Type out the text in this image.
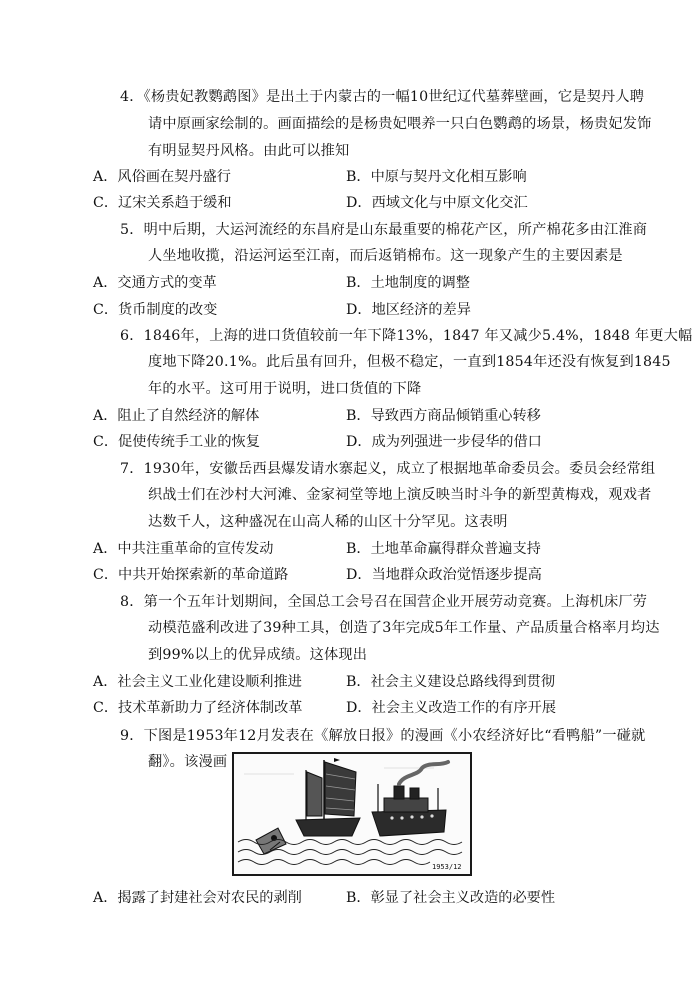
4．《杨贵妃教鹦鹉图》是出土于内蒙古的一幅10世纪辽代墓葬壁画，它是契丹人聘
请中原画家绘制的。画面描绘的是杨贵妃喂养一只白色鹦鹉的场景，杨贵妃发饰
有明显契丹风格。由此可以推知
A．风俗画在契丹盛行	B．中原与契丹文化相互影响
C．辽宋关系趋于缓和	D．西域文化与中原文化交汇
5．明中后期，大运河流经的东昌府是山东最重要的棉花产区，所产棉花多由江淮商
人坐地收揽，沿运河运至江南，而后返销棉布。这一现象产生的主要因素是
A．交通方式的变革	B．土地制度的调整
C．货币制度的改变	D．地区经济的差异
6．1846年，上海的进口货值较前一年下降13%，1847 年又减少5.4%，1848 年更大幅
度地下降20.1%。此后虽有回升，但极不稳定，一直到1854年还没有恢复到1845
年的水平。这可用于说明，进口货值的下降
A．阻止了自然经济的解体	B．导致西方商品倾销重心转移
C．促使传统手工业的恢复	D．成为列强进一步侵华的借口
7．1930年，安徽岳西县爆发请水寨起义，成立了根据地革命委员会。委员会经常组
织战士们在沙村大河滩、金家祠堂等地上演反映当时斗争的新型黄梅戏，观戏者
达数千人，这种盛况在山高人稀的山区十分罕见。这表明
A．中共注重革命的宣传发动	B．土地革命赢得群众普遍支持
C．中共开始探索新的革命道路	D．当地群众政治觉悟逐步提高
8．第一个五年计划期间，全国总工会号召在国营企业开展劳动竞赛。上海机床厂劳
动模范盛利改进了39种工具，创造了3年完成5年工作量、产品质量合格率月均达
到99%以上的优异成绩。这体现出
A．社会主义工业化建设顺利推进	B．社会主义建设总路线得到贯彻
C．技术革新助力了经济体制改革	D．社会主义改造工作的有序开展
9．下图是1953年12月发表在《解放日报》的漫画《小农经济好比“看鸭船”一碰就
翻》。该漫画
1953/12
A．揭露了封建社会对农民的剥削	B．彰显了社会主义改造的必要性
